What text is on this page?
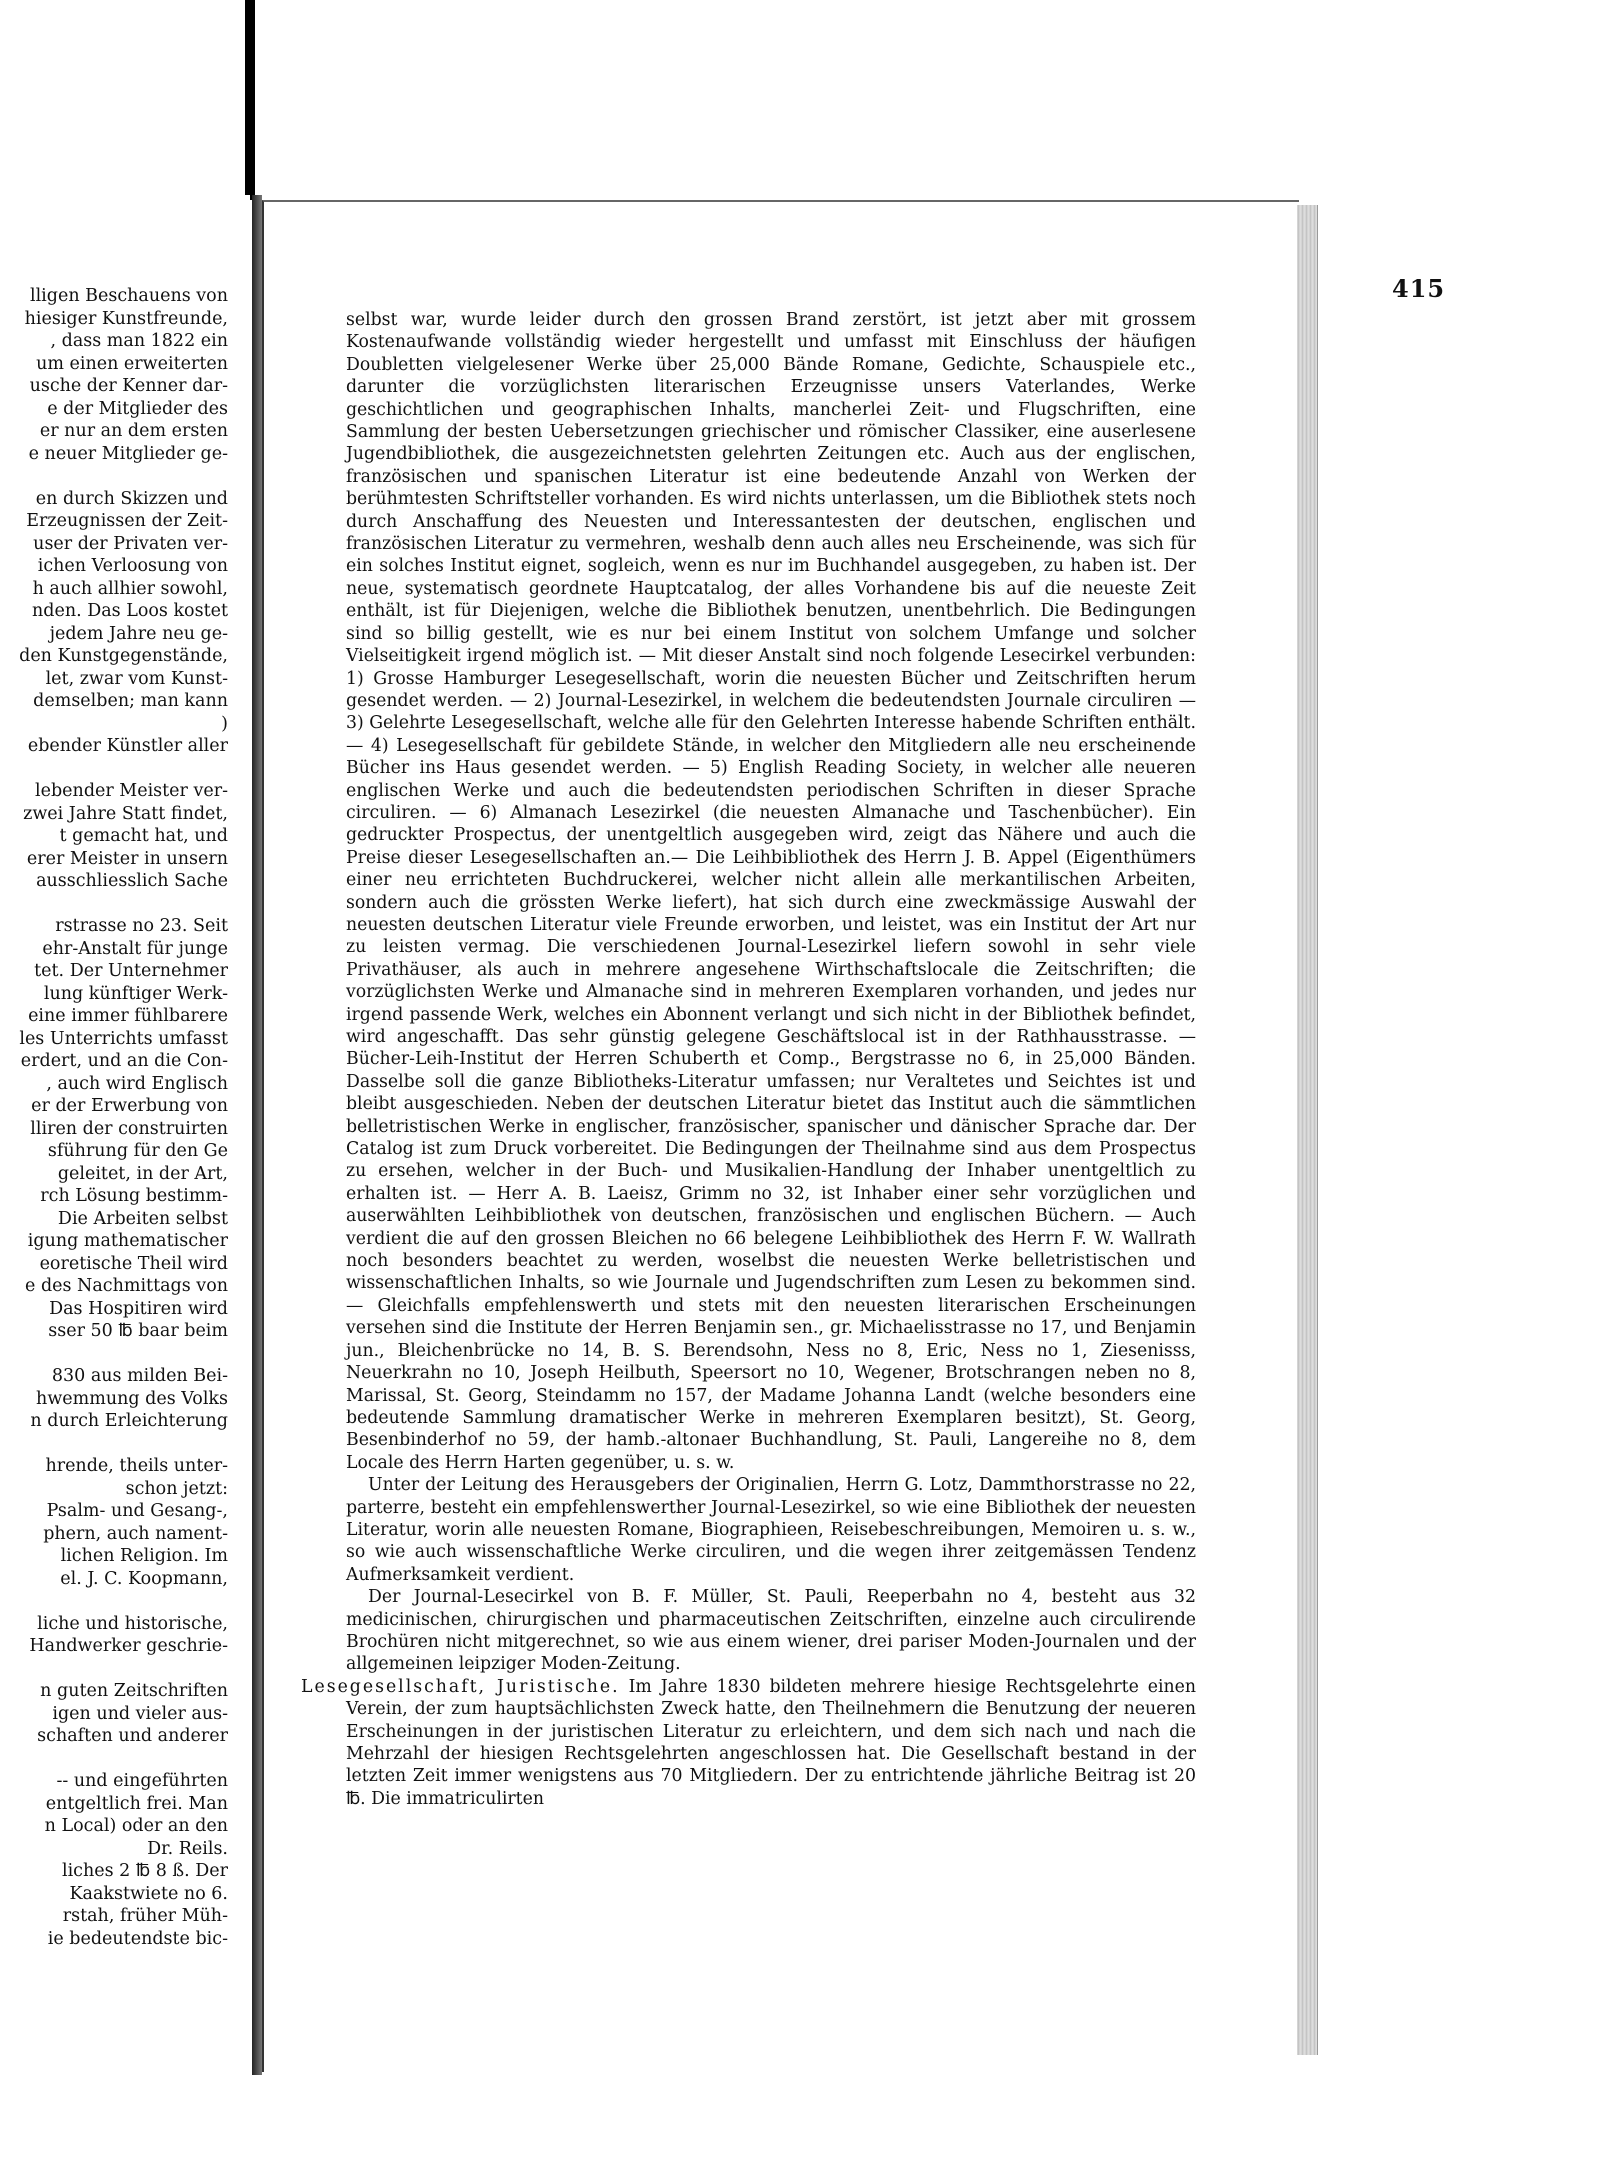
lligen Beschauens von
hiesiger Kunstfreunde,
, dass man 1822 ein
um einen erweiterten
usche der Kenner dar-
e der Mitglieder des
er nur an dem ersten
e neuer Mitglieder ge-
en durch Skizzen und
Erzeugnissen der Zeit-
user der Privaten ver-
ichen Verloosung von
h auch allhier sowohl,
nden. Das Loos kostet
jedem Jahre neu ge-
den Kunstgegenstände,
let, zwar vom Kunst-
demselben; man kann
)
ebender Künstler aller
lebender Meister ver-
zwei Jahre Statt findet,
t gemacht hat, und
erer Meister in unsern
ausschliesslich Sache
rstrasse no 23. Seit
ehr-Anstalt für junge
tet. Der Unternehmer
lung künftiger Werk-
eine immer fühlbarere
les Unterrichts umfasst
erdert, und an die Con-
, auch wird Englisch
er der Erwerbung von
lliren der construirten
sführung für den Ge
geleitet, in der Art,
rch Lösung bestimm-
Die Arbeiten selbst
igung mathematischer
eoretische Theil wird
e des Nachmittags von
Das Hospitiren wird
sser 50 ℔ baar beim
830 aus milden Bei-
hwemmung des Volks
n durch Erleichterung
hrende, theils unter-
schon jetzt:
Psalm- und Gesang-,
phern, auch nament-
lichen Religion. Im
el. J. C. Koopmann,
liche und historische,
Handwerker geschrie-
n guten Zeitschriften
igen und vieler aus-
schaften und anderer
-- und eingeführten
entgeltlich frei. Man
n Local) oder an den
Dr. Reils.
liches 2 ℔ 8 ß. Der
Kaakstwiete no 6.
rstah, früher Müh-
ie bedeutendste bic-
415

selbst war, wurde leider durch den grossen Brand zerstört, ist jetzt aber mit grossem Kostenaufwande vollständig wieder hergestellt und umfasst mit Einschluss der häufigen Doubletten vielgelesener Werke über 25,000 Bände Romane, Gedichte, Schauspiele etc., darunter die vorzüglichsten literarischen Erzeugnisse unsers Vaterlandes, Werke geschichtlichen und geographischen Inhalts, mancherlei Zeit- und Flugschriften, eine Sammlung der besten Uebersetzungen griechischer und römischer Classiker, eine auserlesene Jugendbibliothek, die ausgezeichnetsten gelehrten Zeitungen etc. Auch aus der englischen, französischen und spanischen Literatur ist eine bedeutende Anzahl von Werken der berühmtesten Schriftsteller vorhanden. Es wird nichts unterlassen, um die Bibliothek stets noch durch Anschaffung des Neuesten und Interessantesten der deutschen, englischen und französischen Literatur zu vermehren, weshalb denn auch alles neu Erscheinende, was sich für ein solches Institut eignet, sogleich, wenn es nur im Buchhandel ausgegeben, zu haben ist. Der neue, systematisch geordnete Hauptcatalog, der alles Vorhandene bis auf die neueste Zeit enthält, ist für Diejenigen, welche die Bibliothek benutzen, unentbehrlich. Die Bedingungen sind so billig gestellt, wie es nur bei einem Institut von solchem Umfange und solcher Vielseitigkeit irgend möglich ist. — Mit dieser Anstalt sind noch folgende Lesecirkel verbunden: 1) Grosse Hamburger Lesegesellschaft, worin die neuesten Bücher und Zeitschriften herum gesendet werden. — 2) Journal-Lesezirkel, in welchem die bedeutendsten Journale circuliren — 3) Gelehrte Lesegesellschaft, welche alle für den Gelehrten Interesse habende Schriften enthält. — 4) Lesegesellschaft für gebildete Stände, in welcher den Mitgliedern alle neu erscheinende Bücher ins Haus gesendet werden. — 5) English Reading Society, in welcher alle neueren englischen Werke und auch die bedeutendsten periodischen Schriften in dieser Sprache circuliren. — 6) Almanach Lesezirkel (die neuesten Almanache und Taschenbücher). Ein gedruckter Prospectus, der unentgeltlich ausgegeben wird, zeigt das Nähere und auch die Preise dieser Lesegesellschaften an.— Die Leihbibliothek des Herrn J. B. Appel (Eigenthümers einer neu errichteten Buchdruckerei, welcher nicht allein alle merkantilischen Arbeiten, sondern auch die grössten Werke liefert), hat sich durch eine zweckmässige Auswahl der neuesten deutschen Literatur viele Freunde erworben, und leistet, was ein Institut der Art nur zu leisten vermag. Die verschiedenen Journal-Lesezirkel liefern sowohl in sehr viele Privathäuser, als auch in mehrere angesehene Wirthschaftslocale die Zeitschriften; die vorzüglichsten Werke und Almanache sind in mehreren Exemplaren vorhanden, und jedes nur irgend passende Werk, welches ein Abonnent verlangt und sich nicht in der Bibliothek befindet, wird angeschafft. Das sehr günstig gelegene Geschäftslocal ist in der Rathhausstrasse. — Bücher-Leih-Institut der Herren Schuberth et Comp., Bergstrasse no 6, in 25,000 Bänden. Dasselbe soll die ganze Bibliotheks-Literatur umfassen; nur Veraltetes und Seichtes ist und bleibt ausgeschieden. Neben der deutschen Literatur bietet das Institut auch die sämmtlichen belletristischen Werke in englischer, französischer, spanischer und dänischer Sprache dar. Der Catalog ist zum Druck vorbereitet. Die Bedingungen der Theilnahme sind aus dem Prospectus zu ersehen, welcher in der Buch- und Musikalien-Handlung der Inhaber unentgeltlich zu erhalten ist. — Herr A. B. Laeisz, Grimm no 32, ist Inhaber einer sehr vorzüglichen und auserwählten Leihbibliothek von deutschen, französischen und englischen Büchern. — Auch verdient die auf den grossen Bleichen no 66 belegene Leihbibliothek des Herrn F. W. Wallrath noch besonders beachtet zu werden, woselbst die neuesten Werke belletristischen und wissenschaftlichen Inhalts, so wie Journale und Jugendschriften zum Lesen zu bekommen sind. — Gleichfalls empfehlenswerth und stets mit den neuesten literarischen Erscheinungen versehen sind die Institute der Herren Benjamin sen., gr. Michaelisstrasse no 17, und Benjamin jun., Bleichenbrücke no 14, B. S. Berendsohn, Ness no 8, Eric, Ness no 1, Ziesenisss, Neuerkrahn no 10, Joseph Heilbuth, Speersort no 10, Wegener, Brotschrangen neben no 8, Marissal, St. Georg, Steindamm no 157, der Madame Johanna Landt (welche besonders eine bedeutende Sammlung dramatischer Werke in mehreren Exemplaren besitzt), St. Georg, Besenbinderhof no 59, der hamb.-altonaer Buchhandlung, St. Pauli, Langereihe no 8, dem Locale des Herrn Harten gegenüber, u. s. w.

Unter der Leitung des Herausgebers der Originalien, Herrn G. Lotz, Dammthorstrasse no 22, parterre, besteht ein empfehlenswerther Journal-Lesezirkel, so wie eine Bibliothek der neuesten Literatur, worin alle neuesten Romane, Biographieen, Reisebeschreibungen, Memoiren u. s. w., so wie auch wissenschaftliche Werke circuliren, und die wegen ihrer zeitgemässen Tendenz Aufmerksamkeit verdient.

Der Journal-Lesecirkel von B. F. Müller, St. Pauli, Reeperbahn no 4, besteht aus 32 medicinischen, chirurgischen und pharmaceutischen Zeitschriften, einzelne auch circulirende Brochüren nicht mitgerechnet, so wie aus einem wiener, drei pariser Moden-Journalen und der allgemeinen leipziger Moden-Zeitung.

Lesegesellschaft, Juristische. Im Jahre 1830 bildeten mehrere hiesige Rechtsgelehrte einen Verein, der zum hauptsächlichsten Zweck hatte, den Theilnehmern die Benutzung der neueren Erscheinungen in der juristischen Literatur zu erleichtern, und dem sich nach und nach die Mehrzahl der hiesigen Rechtsgelehrten angeschlossen hat. Die Gesellschaft bestand in der letzten Zeit immer wenigstens aus 70 Mitgliedern. Der zu entrichtende jährliche Beitrag ist 20 ℔. Die immatriculirten
